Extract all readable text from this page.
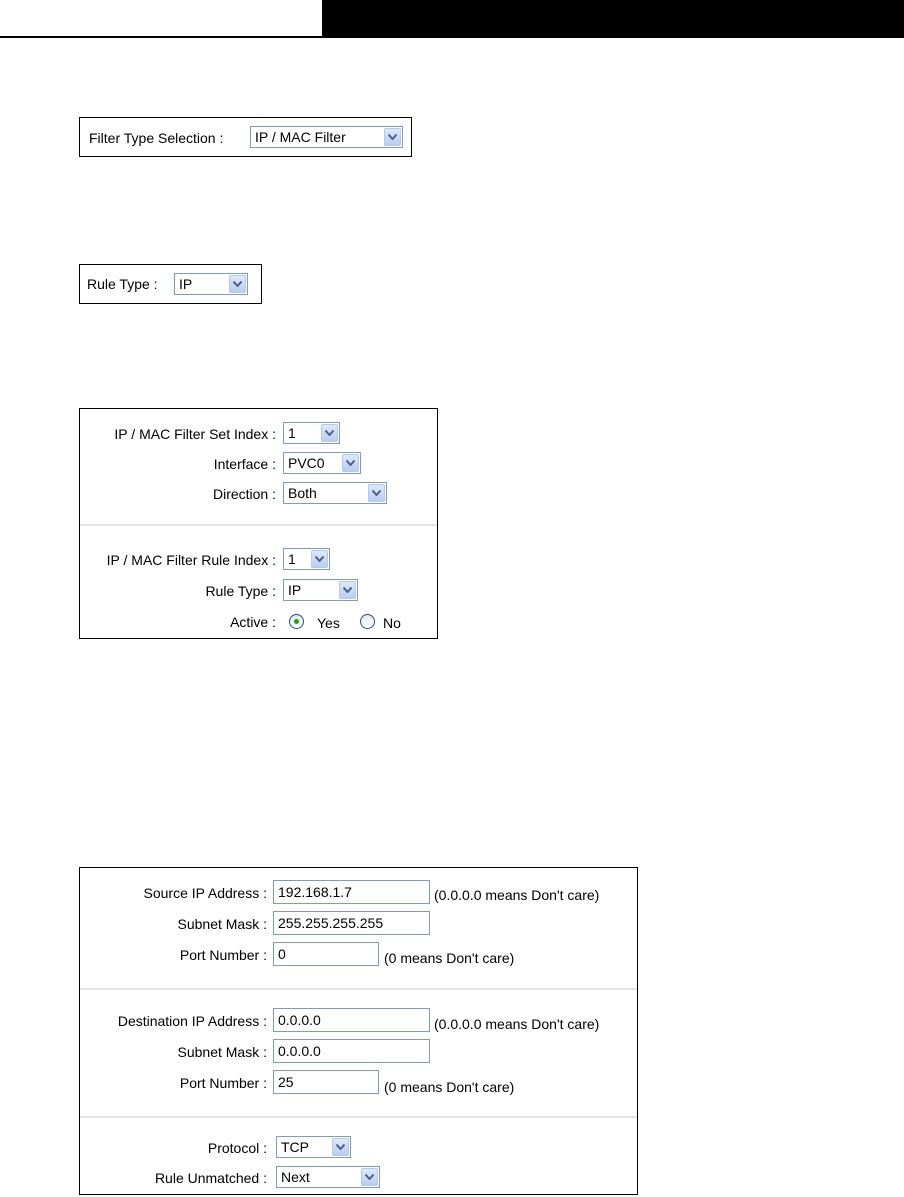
Filter Type Selection : IP / MAC Filter
Rule Type : IP
IP / MAC Filter Set Index : 1
Interface : PVC0
Direction : Both
IP / MAC Filter Rule Index : 1
Rule Type : IP
Active :	Yes	No
Source IP Address : 192.168.1.7	(0.0.0.0 means Don't care)
Subnet Mask : 255.255.255.255
Port Number : 0	(0 means Don't care)
Destination IP Address : 0.0.0.0	(0.0.0.0 means Don't care)
Subnet Mask : 0.0.0.0
Port Number : 25	(0 means Don't care)
Protocol : TCP
Rule Unmatched : Next
